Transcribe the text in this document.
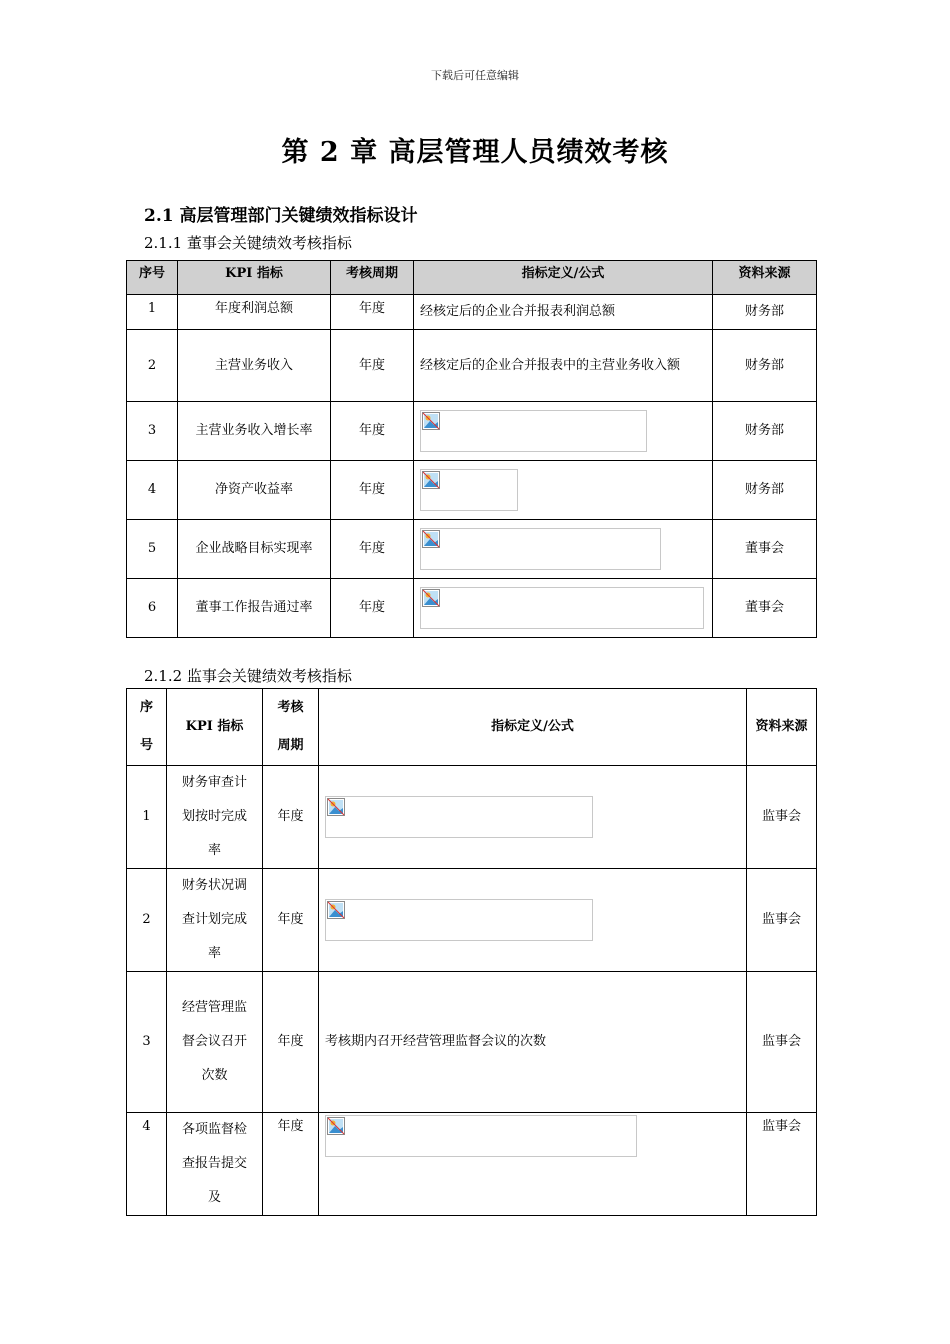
下载后可任意编辑
第 2 章 高层管理人员绩效考核
2.1 高层管理部门关键绩效指标设计
2.1.1 董事会关键绩效考核指标
序号	KPI 指标	考核周期	指标定义/公式	资料来源
1	年度利润总额	年度	经核定后的企业合并报表利润总额	财务部
2	主营业务收入	年度	经核定后的企业合并报表中的主营业务收入额	财务部
3	主营业务收入增长率	年度		财务部
4	净资产收益率	年度		财务部
5	企业战略目标实现率	年度		董事会
6	董事工作报告通过率	年度		董事会
2.1.2 监事会关键绩效考核指标
序号	KPI 指标	考核周期	指标定义/公式	资料来源
1	财务审查计划按时完成率	年度		监事会
2	财务状况调查计划完成率	年度		监事会
3	经营管理监督会议召开次数	年度	考核期内召开经营管理监督会议的次数	监事会
4	各项监督检查报告提交及	年度		监事会
